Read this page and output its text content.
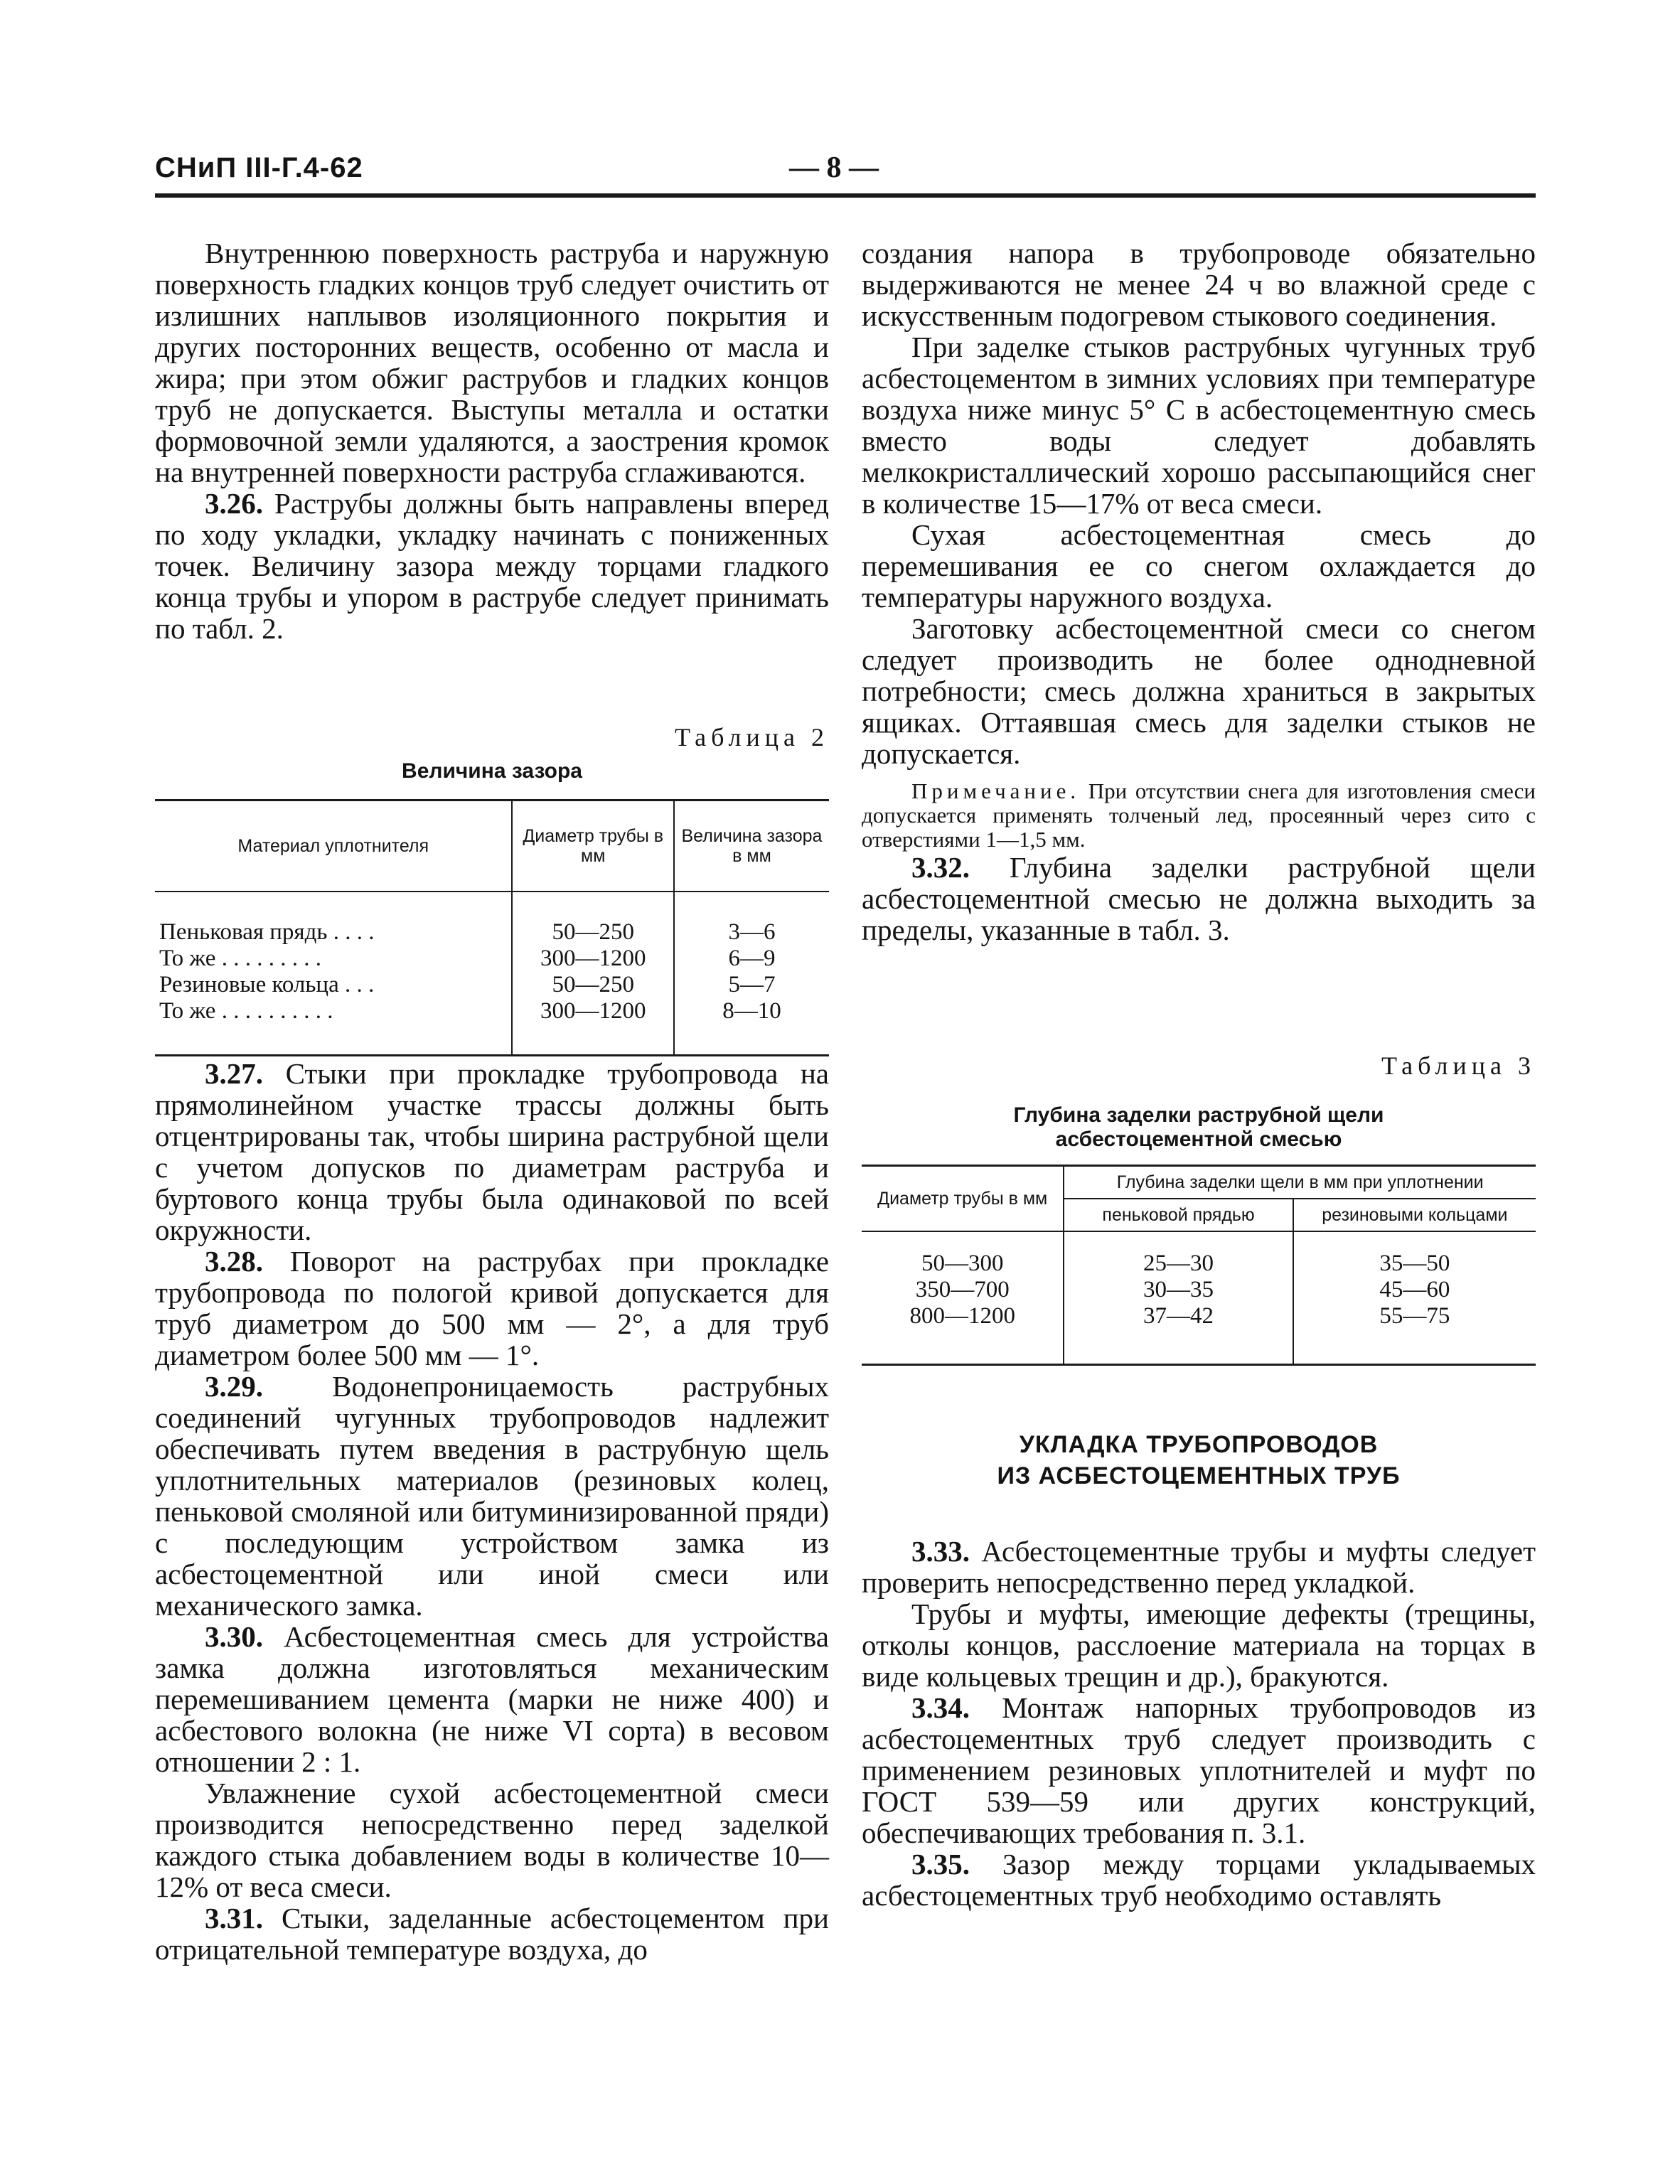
СНиП III-Г.4-62	— 8 —

Внутреннюю поверхность раструба и наружную поверхность гладких концов труб следует очистить от излишних наплывов изоляционного покрытия и других посторонних веществ, особенно от масла и жира; при этом обжиг раструбов и гладких концов труб не допускается. Выступы металла и остатки формовочной земли удаляются, а заострения кромок на внутренней поверхности раструба сглаживаются.

3.26. Раструбы должны быть направлены вперед по ходу укладки, укладку начинать с пониженных точек. Величину зазора между торцами гладкого конца трубы и упором в раструбе следует принимать по табл. 2.

Таблица 2

Величина зазора

Материал уплотнителя	Диаметр трубы в мм	Величина зазора в мм
Пеньковая прядь . . . .	50—250	3—6
То же . . . . . . . . .	300—1200	6—9
Резиновые кольца . . .	50—250	5—7
То же . . . . . . . . . .	300—1200	8—10

3.27. Стыки при прокладке трубопровода на прямолинейном участке трассы должны быть отцентрированы так, чтобы ширина раструбной щели с учетом допусков по диаметрам раструба и буртового конца трубы была одинаковой по всей окружности.

3.28. Поворот на раструбах при прокладке трубопровода по пологой кривой допускается для труб диаметром до 500 мм — 2°, а для труб диаметром более 500 мм — 1°.

3.29. Водонепроницаемость раструбных соединений чугунных трубопроводов надлежит обеспечивать путем введения в раструбную щель уплотнительных материалов (резиновых колец, пеньковой смоляной или битуминизированной пряди) с последующим устройством замка из асбестоцементной или иной смеси или механического замка.

3.30. Асбестоцементная смесь для устройства замка должна изготовляться механическим перемешиванием цемента (марки не ниже 400) и асбестового волокна (не ниже VI сорта) в весовом отношении 2 : 1.

Увлажнение сухой асбестоцементной смеси производится непосредственно перед заделкой каждого стыка добавлением воды в количестве 10—12% от веса смеси.

3.31. Стыки, заделанные асбестоцементом при отрицательной температуре воздуха, до

создания напора в трубопроводе обязательно выдерживаются не менее 24 ч во влажной среде с искусственным подогревом стыкового соединения.

При заделке стыков раструбных чугунных труб асбестоцементом в зимних условиях при температуре воздуха ниже минус 5° С в асбестоцементную смесь вместо воды следует добавлять мелкокристаллический хорошо рассыпающийся снег в количестве 15—17% от веса смеси.

Сухая асбестоцементная смесь до перемешивания ее со снегом охлаждается до температуры наружного воздуха.

Заготовку асбестоцементной смеси со снегом следует производить не более однодневной потребности; смесь должна храниться в закрытых ящиках. Оттаявшая смесь для заделки стыков не допускается.

Примечание. При отсутствии снега для изготовления смеси допускается применять толченый лед, просеянный через сито с отверстиями 1—1,5 мм.

3.32. Глубина заделки раструбной щели асбестоцементной смесью не должна выходить за пределы, указанные в табл. 3.

Таблица 3

Глубина заделки раструбной щели

асбестоцементной смесью

Диаметр трубы в мм	Глубина заделки щели в мм при уплотнении	
	пеньковой прядью	резиновыми кольцами
50—300	25—30	35—50
350—700	30—35	45—60
800—1200	37—42	55—75

УКЛАДКА ТРУБОПРОВОДОВ

ИЗ АСБЕСТОЦЕМЕНТНЫХ ТРУБ

3.33. Асбестоцементные трубы и муфты следует проверить непосредственно перед укладкой.

Трубы и муфты, имеющие дефекты (трещины, отколы концов, расслоение материала на торцах в виде кольцевых трещин и др.), бракуются.

3.34. Монтаж напорных трубопроводов из асбестоцементных труб следует производить с применением резиновых уплотнителей и муфт по ГОСТ 539—59 или других конструкций, обеспечивающих требования п. 3.1.

3.35. Зазор между торцами укладываемых асбестоцементных труб необходимо оставлять
